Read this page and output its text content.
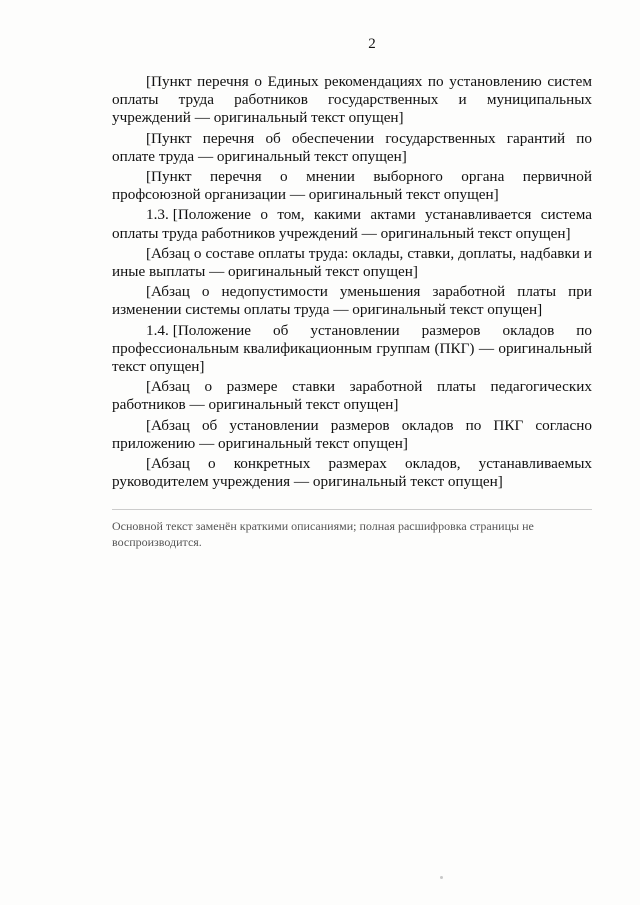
2

[Пункт перечня о Единых рекомендациях по установлению систем оплаты труда работников государственных и муниципальных учреждений — оригинальный текст опущен]

[Пункт перечня об обеспечении государственных гарантий по оплате труда — оригинальный текст опущен]

[Пункт перечня о мнении выборного органа первичной профсоюзной организации — оригинальный текст опущен]

1.3. [Положение о том, какими актами устанавливается система оплаты труда работников учреждений — оригинальный текст опущен]

[Абзац о составе оплаты труда: оклады, ставки, доплаты, надбавки и иные выплаты — оригинальный текст опущен]

[Абзац о недопустимости уменьшения заработной платы при изменении системы оплаты труда — оригинальный текст опущен]

1.4. [Положение об установлении размеров окладов по профессиональным квалификационным группам (ПКГ) — оригинальный текст опущен]

[Абзац о размере ставки заработной платы педагогических работников — оригинальный текст опущен]

[Абзац об установлении размеров окладов по ПКГ согласно приложению — оригинальный текст опущен]

[Абзац о конкретных размерах окладов, устанавливаемых руководителем учреждения — оригинальный текст опущен]

Основной текст заменён краткими описаниями; полная расшифровка страницы не воспроизводится.
